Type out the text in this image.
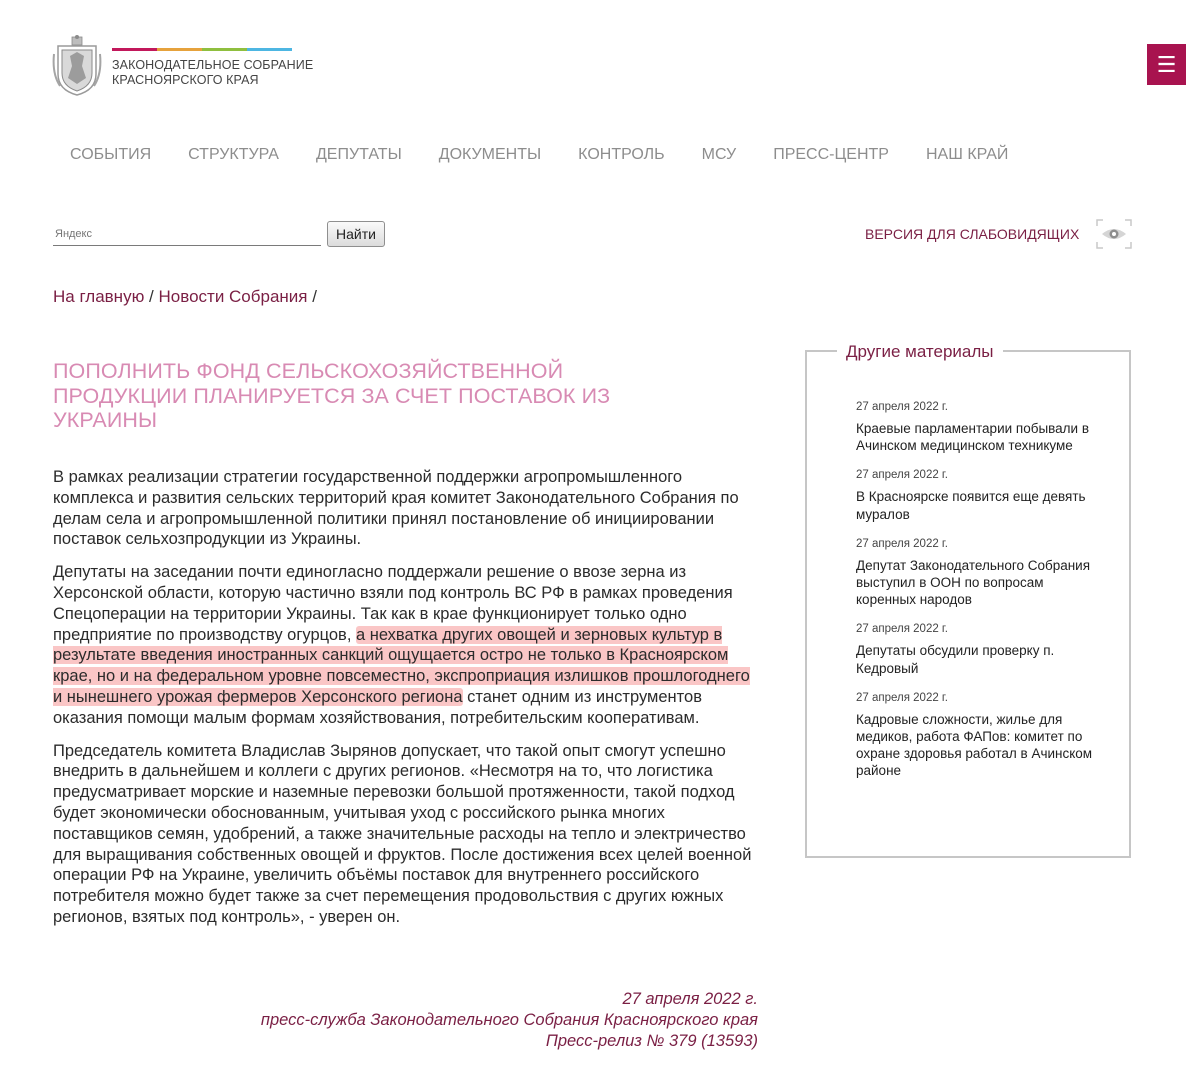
ЗАКОНОДАТЕЛЬНОЕ СОБРАНИЕ
КРАСНОЯРСКОГО КРАЯ
☰
СОБЫТИЯ СТРУКТУРА ДЕПУТАТЫ ДОКУМЕНТЫ КОНТРОЛЬ МСУ ПРЕСС-ЦЕНТР НАШ КРАЙ
Яндекс
Найти	ВЕРСИЯ ДЛЯ СЛАБОВИДЯЩИХ
На главную / Новости Собрания /
ПОПОЛНИТЬ ФОНД СЕЛЬСКОХОЗЯЙСТВЕННОЙ ПРОДУКЦИИ ПЛАНИРУЕТСЯ ЗА СЧЕТ ПОСТАВОК ИЗ УКРАИНЫ

В рамках реализации стратегии государственной поддержки агропромышленного комплекса и развития сельских территорий края комитет Законодательного Собрания по делам села и агропромышленной политики принял постановление об инициировании поставок сельхозпродукции из Украины.

Депутаты на заседании почти единогласно поддержали решение о ввозе зерна из Херсонской области, которую частично взяли под контроль ВС РФ в рамках проведения Спецоперации на территории Украины. Так как в крае функционирует только одно предприятие по производству огурцов, а нехватка других овощей и зерновых культур в результате введения иностранных санкций ощущается остро не только в Красноярском крае, но и на федеральном уровне повсеместно, экспроприация излишков прошлогоднего и нынешнего урожая фермеров Херсонского региона станет одним из инструментов оказания помощи малым формам хозяйствования, потребительским кооперативам.

Председатель комитета Владислав Зырянов допускает, что такой опыт смогут успешно внедрить в дальнейшем и коллеги с других регионов. «Несмотря на то, что логистика предусматривает морские и наземные перевозки большой протяженности, такой подход будет экономически обоснованным, учитывая уход с российского рынка многих поставщиков семян, удобрений, а также значительные расходы на тепло и электричество для выращивания собственных овощей и фруктов. После достижения всех целей военной операции РФ на Украине, увеличить объёмы поставок для внутреннего российского потребителя можно будет также за счет перемещения продовольствия с других южных регионов, взятых под контроль», - уверен он.

27 апреля 2022 г.
пресс-служба Законодательного Собрания Красноярского края
Пресс-релиз № 379 (13593)
Другие материалы
27 апреля 2022 г.
Краевые парламентарии побывали в Ачинском медицинском техникуме
27 апреля 2022 г.
В Красноярске появится еще девять муралов
27 апреля 2022 г.
Депутат Законодательного Собрания выступил в ООН по вопросам коренных народов
27 апреля 2022 г.
Депутаты обсудили проверку п. Кедровый
27 апреля 2022 г.
Кадровые сложности, жилье для медиков, работа ФАПов: комитет по охране здоровья работал в Ачинском районе
